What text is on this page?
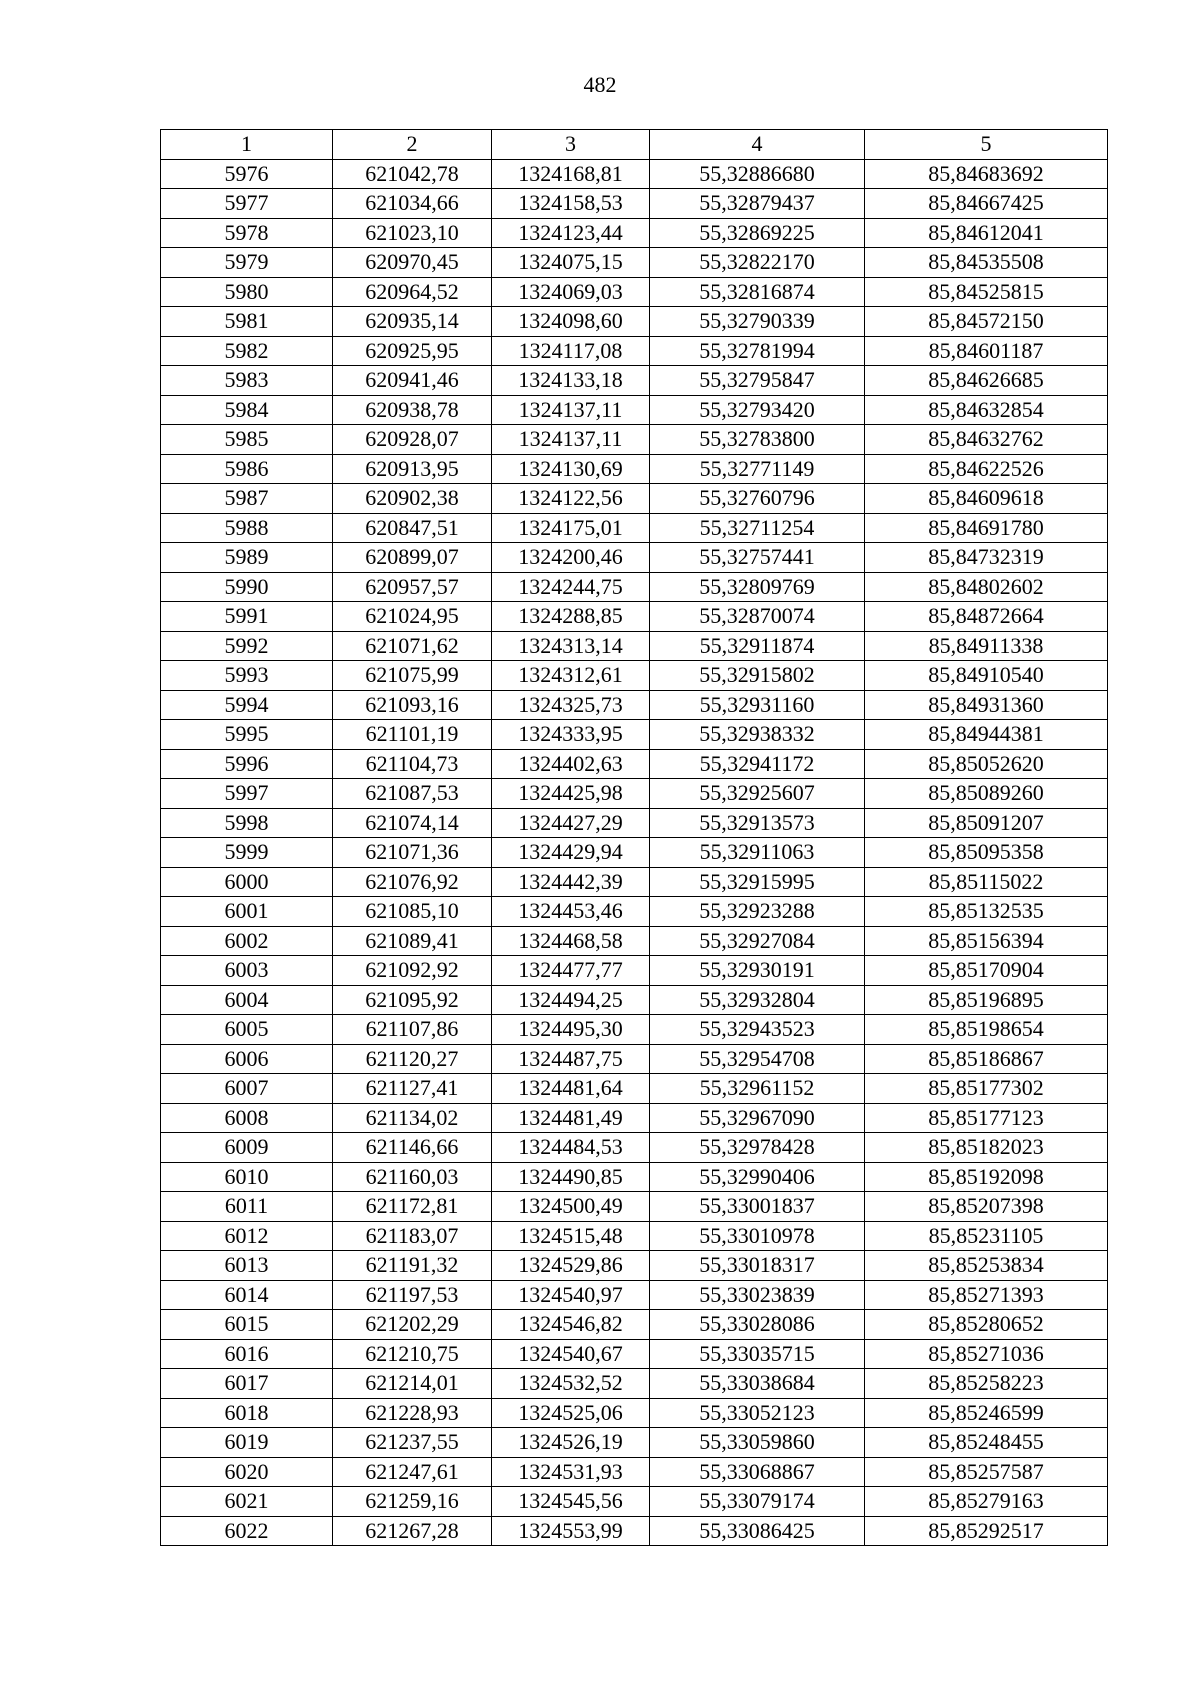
482
1	2	3	4	5
5976	621042,78	1324168,81	55,32886680	85,84683692
5977	621034,66	1324158,53	55,32879437	85,84667425
5978	621023,10	1324123,44	55,32869225	85,84612041
5979	620970,45	1324075,15	55,32822170	85,84535508
5980	620964,52	1324069,03	55,32816874	85,84525815
5981	620935,14	1324098,60	55,32790339	85,84572150
5982	620925,95	1324117,08	55,32781994	85,84601187
5983	620941,46	1324133,18	55,32795847	85,84626685
5984	620938,78	1324137,11	55,32793420	85,84632854
5985	620928,07	1324137,11	55,32783800	85,84632762
5986	620913,95	1324130,69	55,32771149	85,84622526
5987	620902,38	1324122,56	55,32760796	85,84609618
5988	620847,51	1324175,01	55,32711254	85,84691780
5989	620899,07	1324200,46	55,32757441	85,84732319
5990	620957,57	1324244,75	55,32809769	85,84802602
5991	621024,95	1324288,85	55,32870074	85,84872664
5992	621071,62	1324313,14	55,32911874	85,84911338
5993	621075,99	1324312,61	55,32915802	85,84910540
5994	621093,16	1324325,73	55,32931160	85,84931360
5995	621101,19	1324333,95	55,32938332	85,84944381
5996	621104,73	1324402,63	55,32941172	85,85052620
5997	621087,53	1324425,98	55,32925607	85,85089260
5998	621074,14	1324427,29	55,32913573	85,85091207
5999	621071,36	1324429,94	55,32911063	85,85095358
6000	621076,92	1324442,39	55,32915995	85,85115022
6001	621085,10	1324453,46	55,32923288	85,85132535
6002	621089,41	1324468,58	55,32927084	85,85156394
6003	621092,92	1324477,77	55,32930191	85,85170904
6004	621095,92	1324494,25	55,32932804	85,85196895
6005	621107,86	1324495,30	55,32943523	85,85198654
6006	621120,27	1324487,75	55,32954708	85,85186867
6007	621127,41	1324481,64	55,32961152	85,85177302
6008	621134,02	1324481,49	55,32967090	85,85177123
6009	621146,66	1324484,53	55,32978428	85,85182023
6010	621160,03	1324490,85	55,32990406	85,85192098
6011	621172,81	1324500,49	55,33001837	85,85207398
6012	621183,07	1324515,48	55,33010978	85,85231105
6013	621191,32	1324529,86	55,33018317	85,85253834
6014	621197,53	1324540,97	55,33023839	85,85271393
6015	621202,29	1324546,82	55,33028086	85,85280652
6016	621210,75	1324540,67	55,33035715	85,85271036
6017	621214,01	1324532,52	55,33038684	85,85258223
6018	621228,93	1324525,06	55,33052123	85,85246599
6019	621237,55	1324526,19	55,33059860	85,85248455
6020	621247,61	1324531,93	55,33068867	85,85257587
6021	621259,16	1324545,56	55,33079174	85,85279163
6022	621267,28	1324553,99	55,33086425	85,85292517
